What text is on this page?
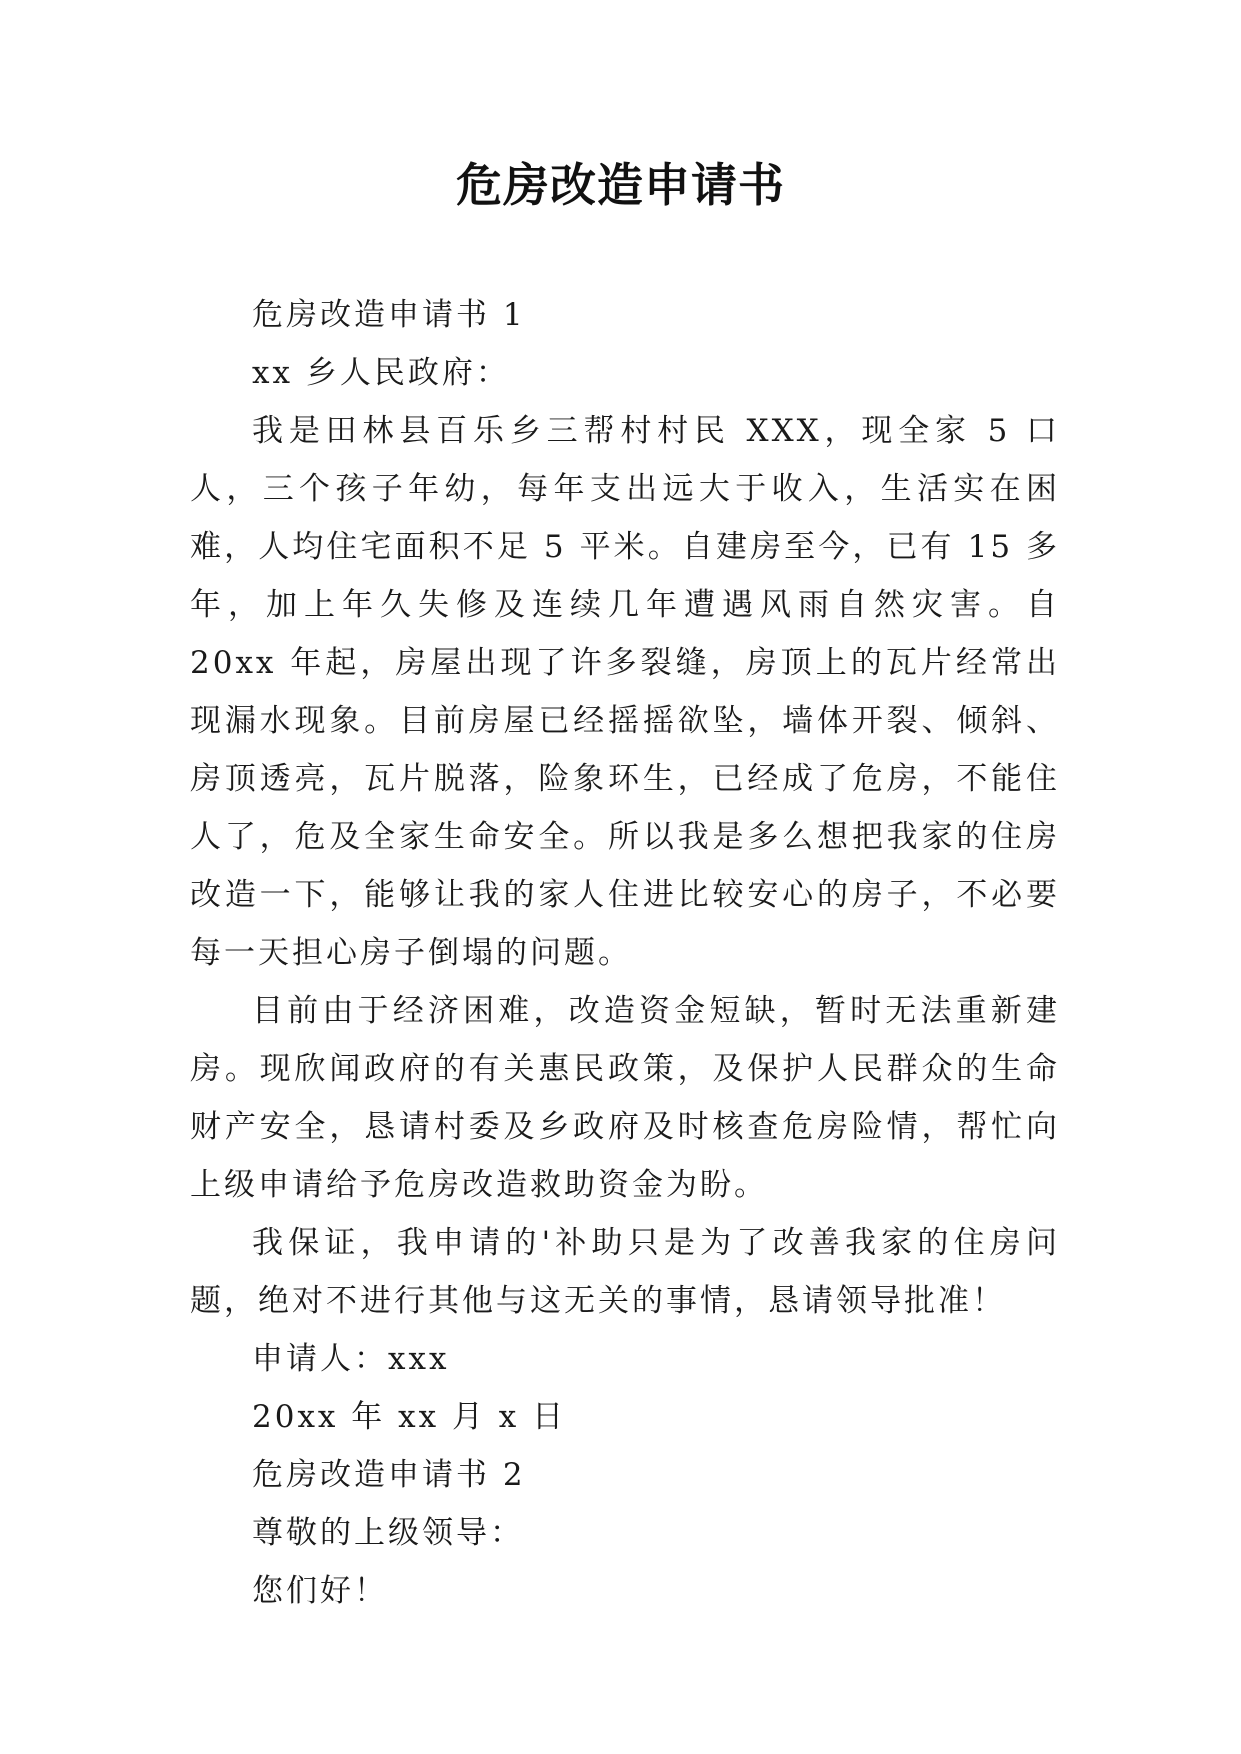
危房改造申请书

危房改造申请书 1

xx 乡人民政府：

我是田林县百乐乡三帮村村民 XXX，现全家 5 口人，三个孩子年幼，每年支出远大于收入，生活实在困难，人均住宅面积不足 5 平米。自建房至今，已有 15 多年，加上年久失修及连续几年遭遇风雨自然灾害。自 20xx 年起，房屋出现了许多裂缝，房顶上的瓦片经常出现漏水现象。目前房屋已经摇摇欲坠，墙体开裂、倾斜、房顶透亮，瓦片脱落，险象环生，已经成了危房，不能住人了，危及全家生命安全。所以我是多么想把我家的住房改造一下，能够让我的家人住进比较安心的房子，不必要每一天担心房子倒塌的问题。

目前由于经济困难，改造资金短缺，暂时无法重新建房。现欣闻政府的有关惠民政策，及保护人民群众的生命财产安全，恳请村委及乡政府及时核查危房险情，帮忙向上级申请给予危房改造救助资金为盼。

我保证，我申请的'补助只是为了改善我家的住房问题，绝对不进行其他与这无关的事情，恳请领导批准！

申请人：xxx

20xx 年 xx 月 x 日

危房改造申请书 2

尊敬的上级领导：

您们好！
